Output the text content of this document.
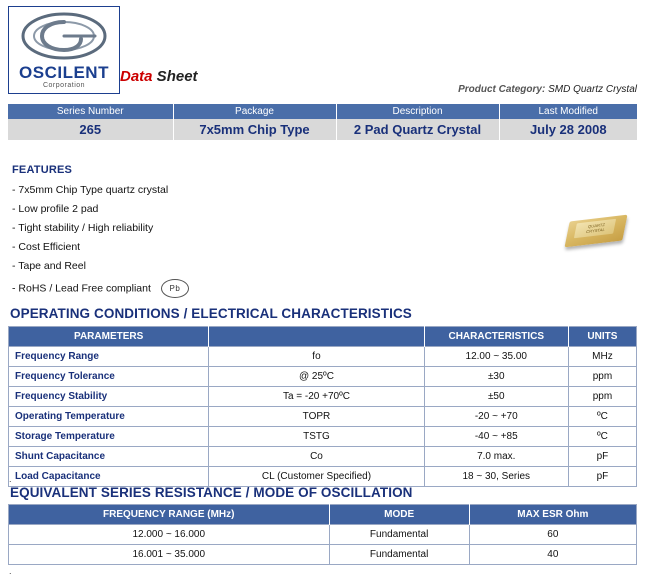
OSCILENT
Corporation
Data Sheet
Product Category: SMD Quartz Crystal
Series Number	Package	Description	Last Modified
265	7x5mm Chip Type	2 Pad Quartz Crystal	July 28 2008
FEATURES
- 7x5mm Chip Type quartz crystal
- Low profile 2 pad
- Tight stability / High reliability
- Cost Efficient
- Tape and Reel
- RoHS / Lead Free compliant Pb
QUARTZ CRYSTAL
OPERATING CONDITIONS / ELECTRICAL CHARACTERISTICS
PARAMETERS		CHARACTERISTICS	UNITS
Frequency Range	fo	12.00 ~ 35.00	MHz
Frequency Tolerance	@ 25ºC	±30	ppm
Frequency Stability	Ta = -20 +70ºC	±50	ppm
Operating Temperature	TOPR	-20 ~ +70	ºC
Storage Temperature	TSTG	-40 ~ +85	ºC
Shunt Capacitance	Co	7.0 max.	pF
Load Capacitance	CL (Customer Specified)	18 ~ 30, Series	pF
.
EQUIVALENT SERIES RESISTANCE / MODE OF OSCILLATION
FREQUENCY RANGE (MHz)	MODE	MAX ESR Ohm
12.000 ~ 16.000	Fundamental	60
16.001 ~ 35.000	Fundamental	40
.
